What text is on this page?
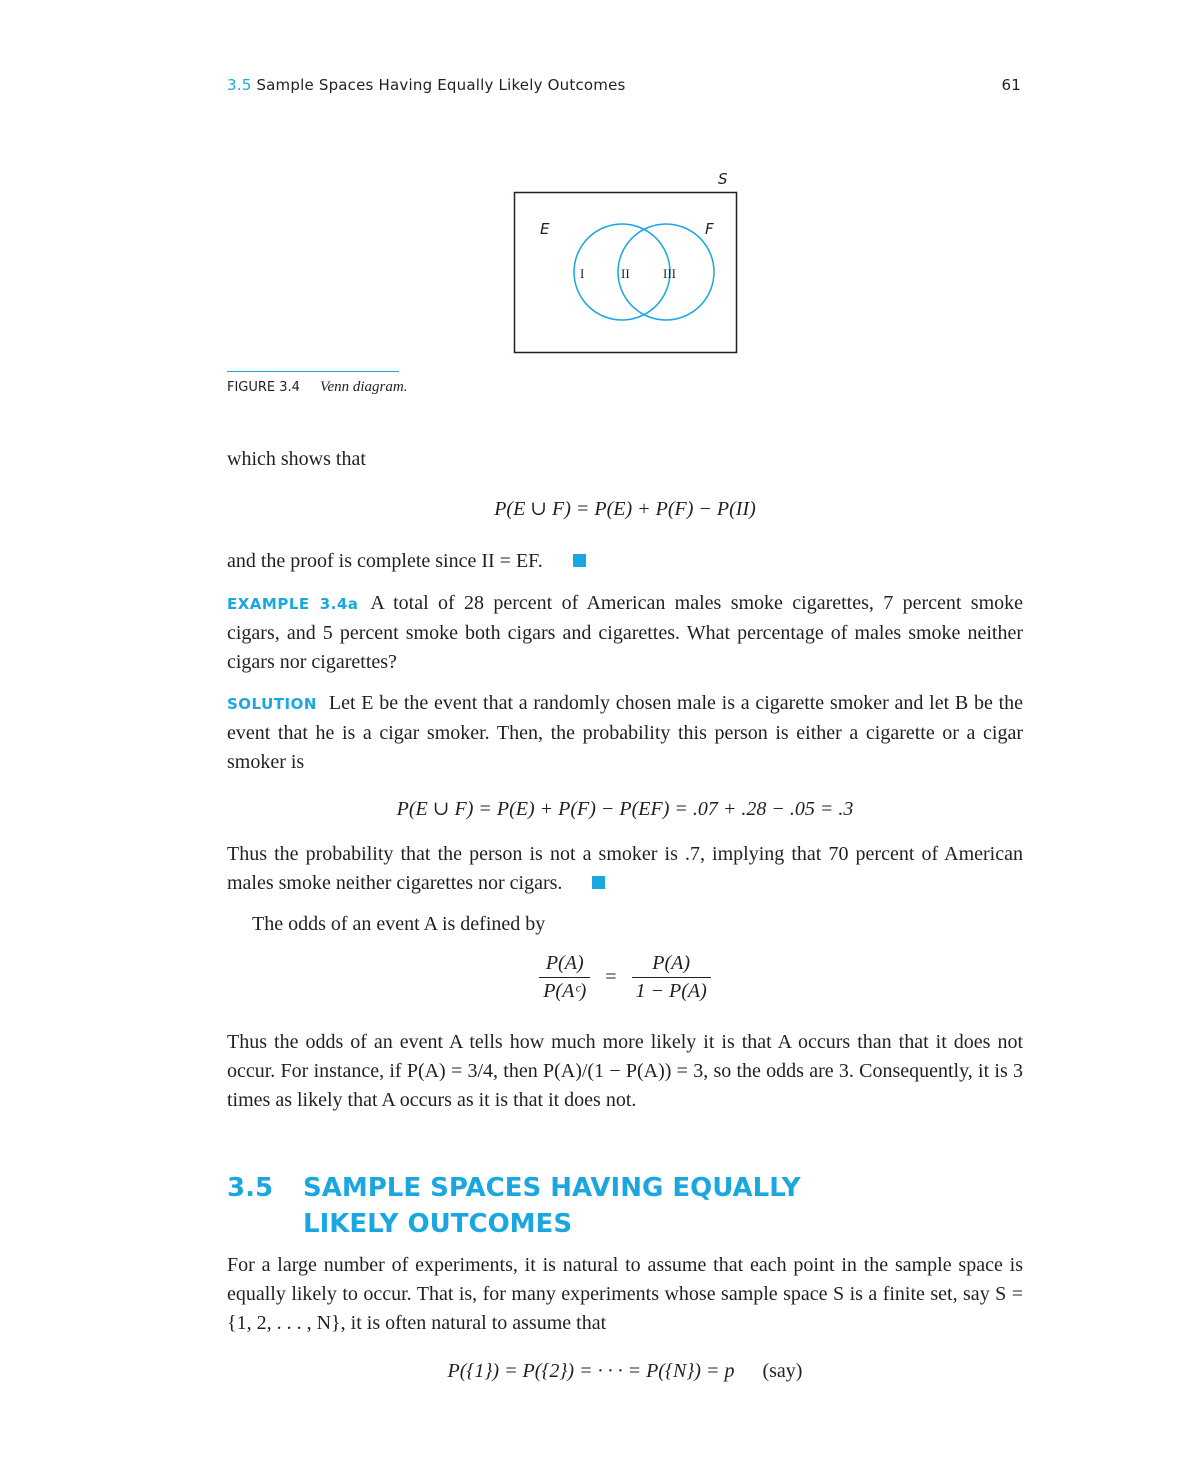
3.5 Sample Spaces Having Equally Likely Outcomes	61
S
E	F
I	II	III
FIGURE 3.4 Venn diagram.
which shows that
P(E ∪ F) = P(E) + P(F) − P(II)
and the proof is complete since II = EF.
EXAMPLE 3.4a A total of 28 percent of American males smoke cigarettes, 7 percent smoke cigars, and 5 percent smoke both cigars and cigarettes. What percentage of males smoke neither cigars nor cigarettes?
SOLUTION Let E be the event that a randomly chosen male is a cigarette smoker and let B be the event that he is a cigar smoker. Then, the probability this person is either a cigarette or a cigar smoker is
P(E ∪ F) = P(E) + P(F) − P(EF) = .07 + .28 − .05 = .3
Thus the probability that the person is not a smoker is .7, implying that 70 percent of American males smoke neither cigarettes nor cigars.
The odds of an event A is defined by
$\frac{P(A)}{\text{P(Aᶜ)}} = \frac{P(A)}{1 - P(A)}$
Thus the odds of an event A tells how much more likely it is that A occurs than that it does not occur. For instance, if P(A) = 3/4, then P(A)/(1 − P(A)) = 3, so the odds are 3. Consequently, it is 3 times as likely that A occurs as it is that it does not.
3.5 SAMPLE SPACES HAVING EQUALLY
LIKELY OUTCOMES
For a large number of experiments, it is natural to assume that each point in the sample space is equally likely to occur. That is, for many experiments whose sample space S is a finite set, say S = {1, 2, . . . , N}, it is often natural to assume that
P({1}) = P({2}) = · · · = P({N}) = p (say)
